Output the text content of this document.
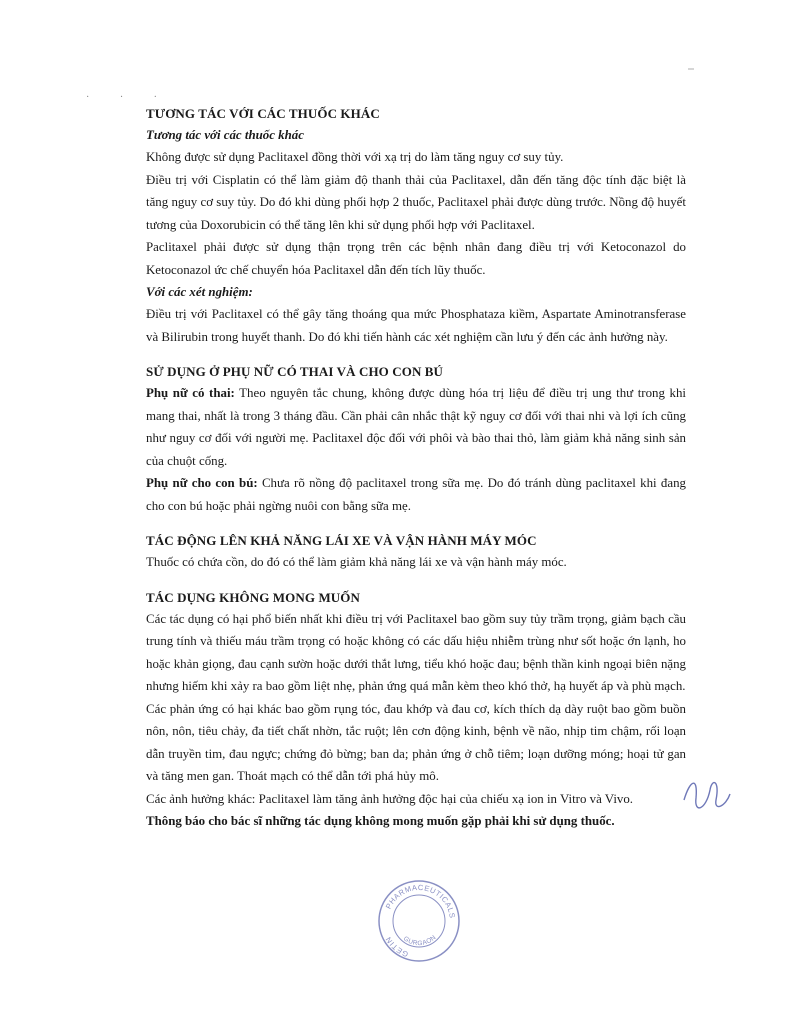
· · ·
TƯƠNG TÁC VỚI CÁC THUỐC KHÁC
Tương tác với các thuốc khác

Không được sử dụng Paclitaxel đồng thời với xạ trị do làm tăng nguy cơ suy tủy.

Điều trị với Cisplatin có thể làm giảm độ thanh thải của Paclitaxel, dẫn đến tăng độc tính đặc biệt là tăng nguy cơ suy tủy. Do đó khi dùng phối hợp 2 thuốc, Paclitaxel phải được dùng trước. Nồng độ huyết tương của Doxorubicin có thể tăng lên khi sử dụng phối hợp với Paclitaxel.

Paclitaxel phải được sử dụng thận trọng trên các bệnh nhân đang điều trị với Ketoconazol do Ketoconazol ức chế chuyển hóa Paclitaxel dẫn đến tích lũy thuốc.

Với các xét nghiệm:

Điều trị với Paclitaxel có thể gây tăng thoáng qua mức Phosphataza kiềm, Aspartate Aminotransferase và Bilirubin trong huyết thanh. Do đó khi tiến hành các xét nghiệm cần lưu ý đến các ảnh hưởng này.

SỬ DỤNG Ở PHỤ NỮ CÓ THAI VÀ CHO CON BÚ

Phụ nữ có thai: Theo nguyên tắc chung, không được dùng hóa trị liệu để điều trị ung thư trong khi mang thai, nhất là trong 3 tháng đầu. Cần phải cân nhắc thật kỹ nguy cơ đối với thai nhi và lợi ích cũng như nguy cơ đối với người mẹ. Paclitaxel độc đối với phôi và bào thai thỏ, làm giảm khả năng sinh sản của chuột cống.

Phụ nữ cho con bú: Chưa rõ nồng độ paclitaxel trong sữa mẹ. Do đó tránh dùng paclitaxel khi đang cho con bú hoặc phải ngừng nuôi con bằng sữa mẹ.

TÁC ĐỘNG LÊN KHẢ NĂNG LÁI XE VÀ VẬN HÀNH MÁY MÓC

Thuốc có chứa cồn, do đó có thể làm giảm khả năng lái xe và vận hành máy móc.

TÁC DỤNG KHÔNG MONG MUỐN

Các tác dụng có hại phổ biến nhất khi điều trị với Paclitaxel bao gồm suy tủy trầm trọng, giảm bạch cầu trung tính và thiếu máu trầm trọng có hoặc không có các dấu hiệu nhiễm trùng như sốt hoặc ớn lạnh, ho hoặc khản giọng, đau cạnh sườn hoặc dưới thắt lưng, tiểu khó hoặc đau; bệnh thần kinh ngoại biên nặng nhưng hiếm khi xảy ra bao gồm liệt nhẹ, phản ứng quá mẫn kèm theo khó thở, hạ huyết áp và phù mạch.

Các phản ứng có hại khác bao gồm rụng tóc, đau khớp và đau cơ, kích thích dạ dày ruột bao gồm buồn nôn, nôn, tiêu chảy, đa tiết chất nhờn, tắc ruột; lên cơn động kinh, bệnh về não, nhịp tim chậm, rối loạn dẫn truyền tim, đau ngực; chứng đỏ bừng; ban da; phản ứng ở chỗ tiêm; loạn dưỡng móng; hoại tử gan và tăng men gan. Thoát mạch có thể dẫn tới phá hủy mô.

Các ảnh hưởng khác: Paclitaxel làm tăng ảnh hưởng độc hại của chiếu xạ ion in Vitro và Vivo.

Thông báo cho bác sĩ những tác dụng không mong muốn gặp phải khi sử dụng thuốc.

PHARMACEUTICALS
GETIN	GURGAON
